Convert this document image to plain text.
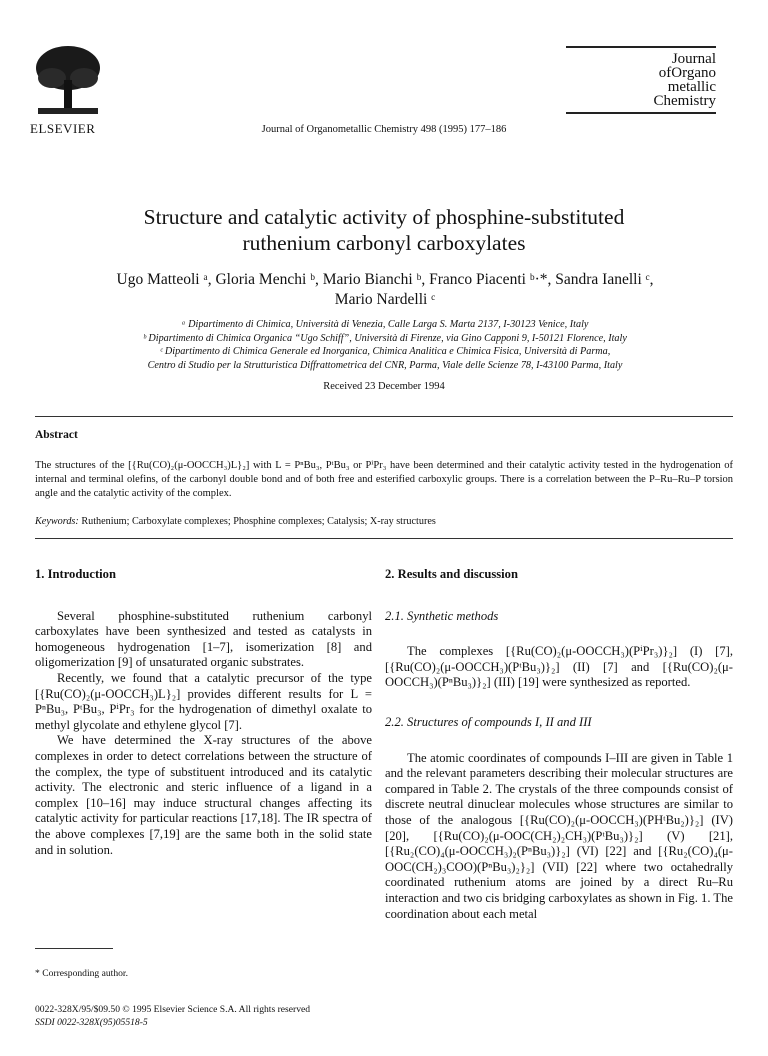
ELSEVIER	Journal of Organometallic Chemistry 498 (1995) 177–186
Journal
ofOrgano
metallic
Chemistry
Structure and catalytic activity of phosphine-substituted
ruthenium carbonyl carboxylates
Ugo Matteoli ᵃ, Gloria Menchi ᵇ, Mario Bianchi ᵇ, Franco Piacenti ᵇ·*, Sandra Ianelli ᶜ,
Mario Nardelli ᶜ
ᵃ Dipartimento di Chimica, Università di Venezia, Calle Larga S. Marta 2137, I-30123 Venice, Italy
ᵇ Dipartimento di Chimica Organica “Ugo Schiff”, Università di Firenze, via Gino Capponi 9, I-50121 Florence, Italy
ᶜ Dipartimento di Chimica Generale ed Inorganica, Chimica Analitica e Chimica Fisica, Università di Parma,
Centro di Studio per la Strutturistica Diffrattometrica del CNR, Parma, Viale delle Scienze 78, I-43100 Parma, Italy
Received 23 December 1994
Abstract
The structures of the [{Ru(CO)₂(μ-OOCCH₃)L}₂] with L = PⁿBu₃, PᵗBu₃ or PⁱPr₃ have been determined and their catalytic activity tested in the hydrogenation of internal and terminal olefins, of the carbonyl double bond and of both free and esterified carboxylic groups. There is a correlation between the P–Ru–Ru–P torsion angle and the catalytic activity of the complex.
Keywords: Ruthenium; Carboxylate complexes; Phosphine complexes; Catalysis; X-ray structures
1. Introduction

Several phosphine-substituted ruthenium carbonyl carboxylates have been synthesized and tested as catalysts in homogeneous hydrogenation [1–7], isomerization [8] and oligomerization [9] of unsaturated organic substrates.

Recently, we found that a catalytic precursor of the type [{Ru(CO)₂(μ-OOCCH₃)L}₂] provides different results for L = PⁿBu₃, PᵗBu₃, PⁱPr₃ for the hydrogenation of dimethyl oxalate to methyl glycolate and ethylene glycol [7].

We have determined the X-ray structures of the above complexes in order to detect correlations between the structure of the complex, the type of substituent introduced and its catalytic activity. The electronic and steric influence of a ligand in a complex [10–16] may induce structural changes affecting its catalytic activity for particular reactions [17,18]. The IR spectra of the above complexes [7,19] are the same both in the solid state and in solution.

2. Results and discussion
2.1. Synthetic methods

The complexes [{Ru(CO)₂(μ-OOCCH₃)(PⁱPr₃)}₂] (I) [7], [{Ru(CO)₂(μ-OOCCH₃)(PᵗBu₃)}₂] (II) [7] and [{Ru(CO)₂(μ-OOCCH₃)(PⁿBu₃)}₂] (III) [19] were synthesized as reported.

2.2. Structures of compounds I, II and III

The atomic coordinates of compounds I–III are given in Table 1 and the relevant parameters describing their molecular structures are compared in Table 2. The crystals of the three compounds consist of discrete neutral dinuclear molecules whose structures are similar to those of the analogous [{Ru(CO)₂(μ-OOCCH₃)(PHᵗBu₂)}₂] (IV) [20], [{Ru(CO)₂(μ-OOC(CH₂)₂CH₃)(PᵗBu₃)}₂] (V) [21], [{Ru₂(CO)₄(μ-OOCCH₃)₂(PⁿBu₃)}₂] (VI) [22] and [{Ru₂(CO)₄(μ-OOC(CH₂)₃COO)(PⁿBu₃)₂}₂] (VII) [22] where two octahedrally coordinated ruthenium atoms are joined by a direct Ru–Ru interaction and two cis bridging carboxylates as shown in Fig. 1. The coordination about each metal

* Corresponding author.
0022-328X/95/$09.50 © 1995 Elsevier Science S.A. All rights reserved
SSDI 0022-328X(95)05518-5
